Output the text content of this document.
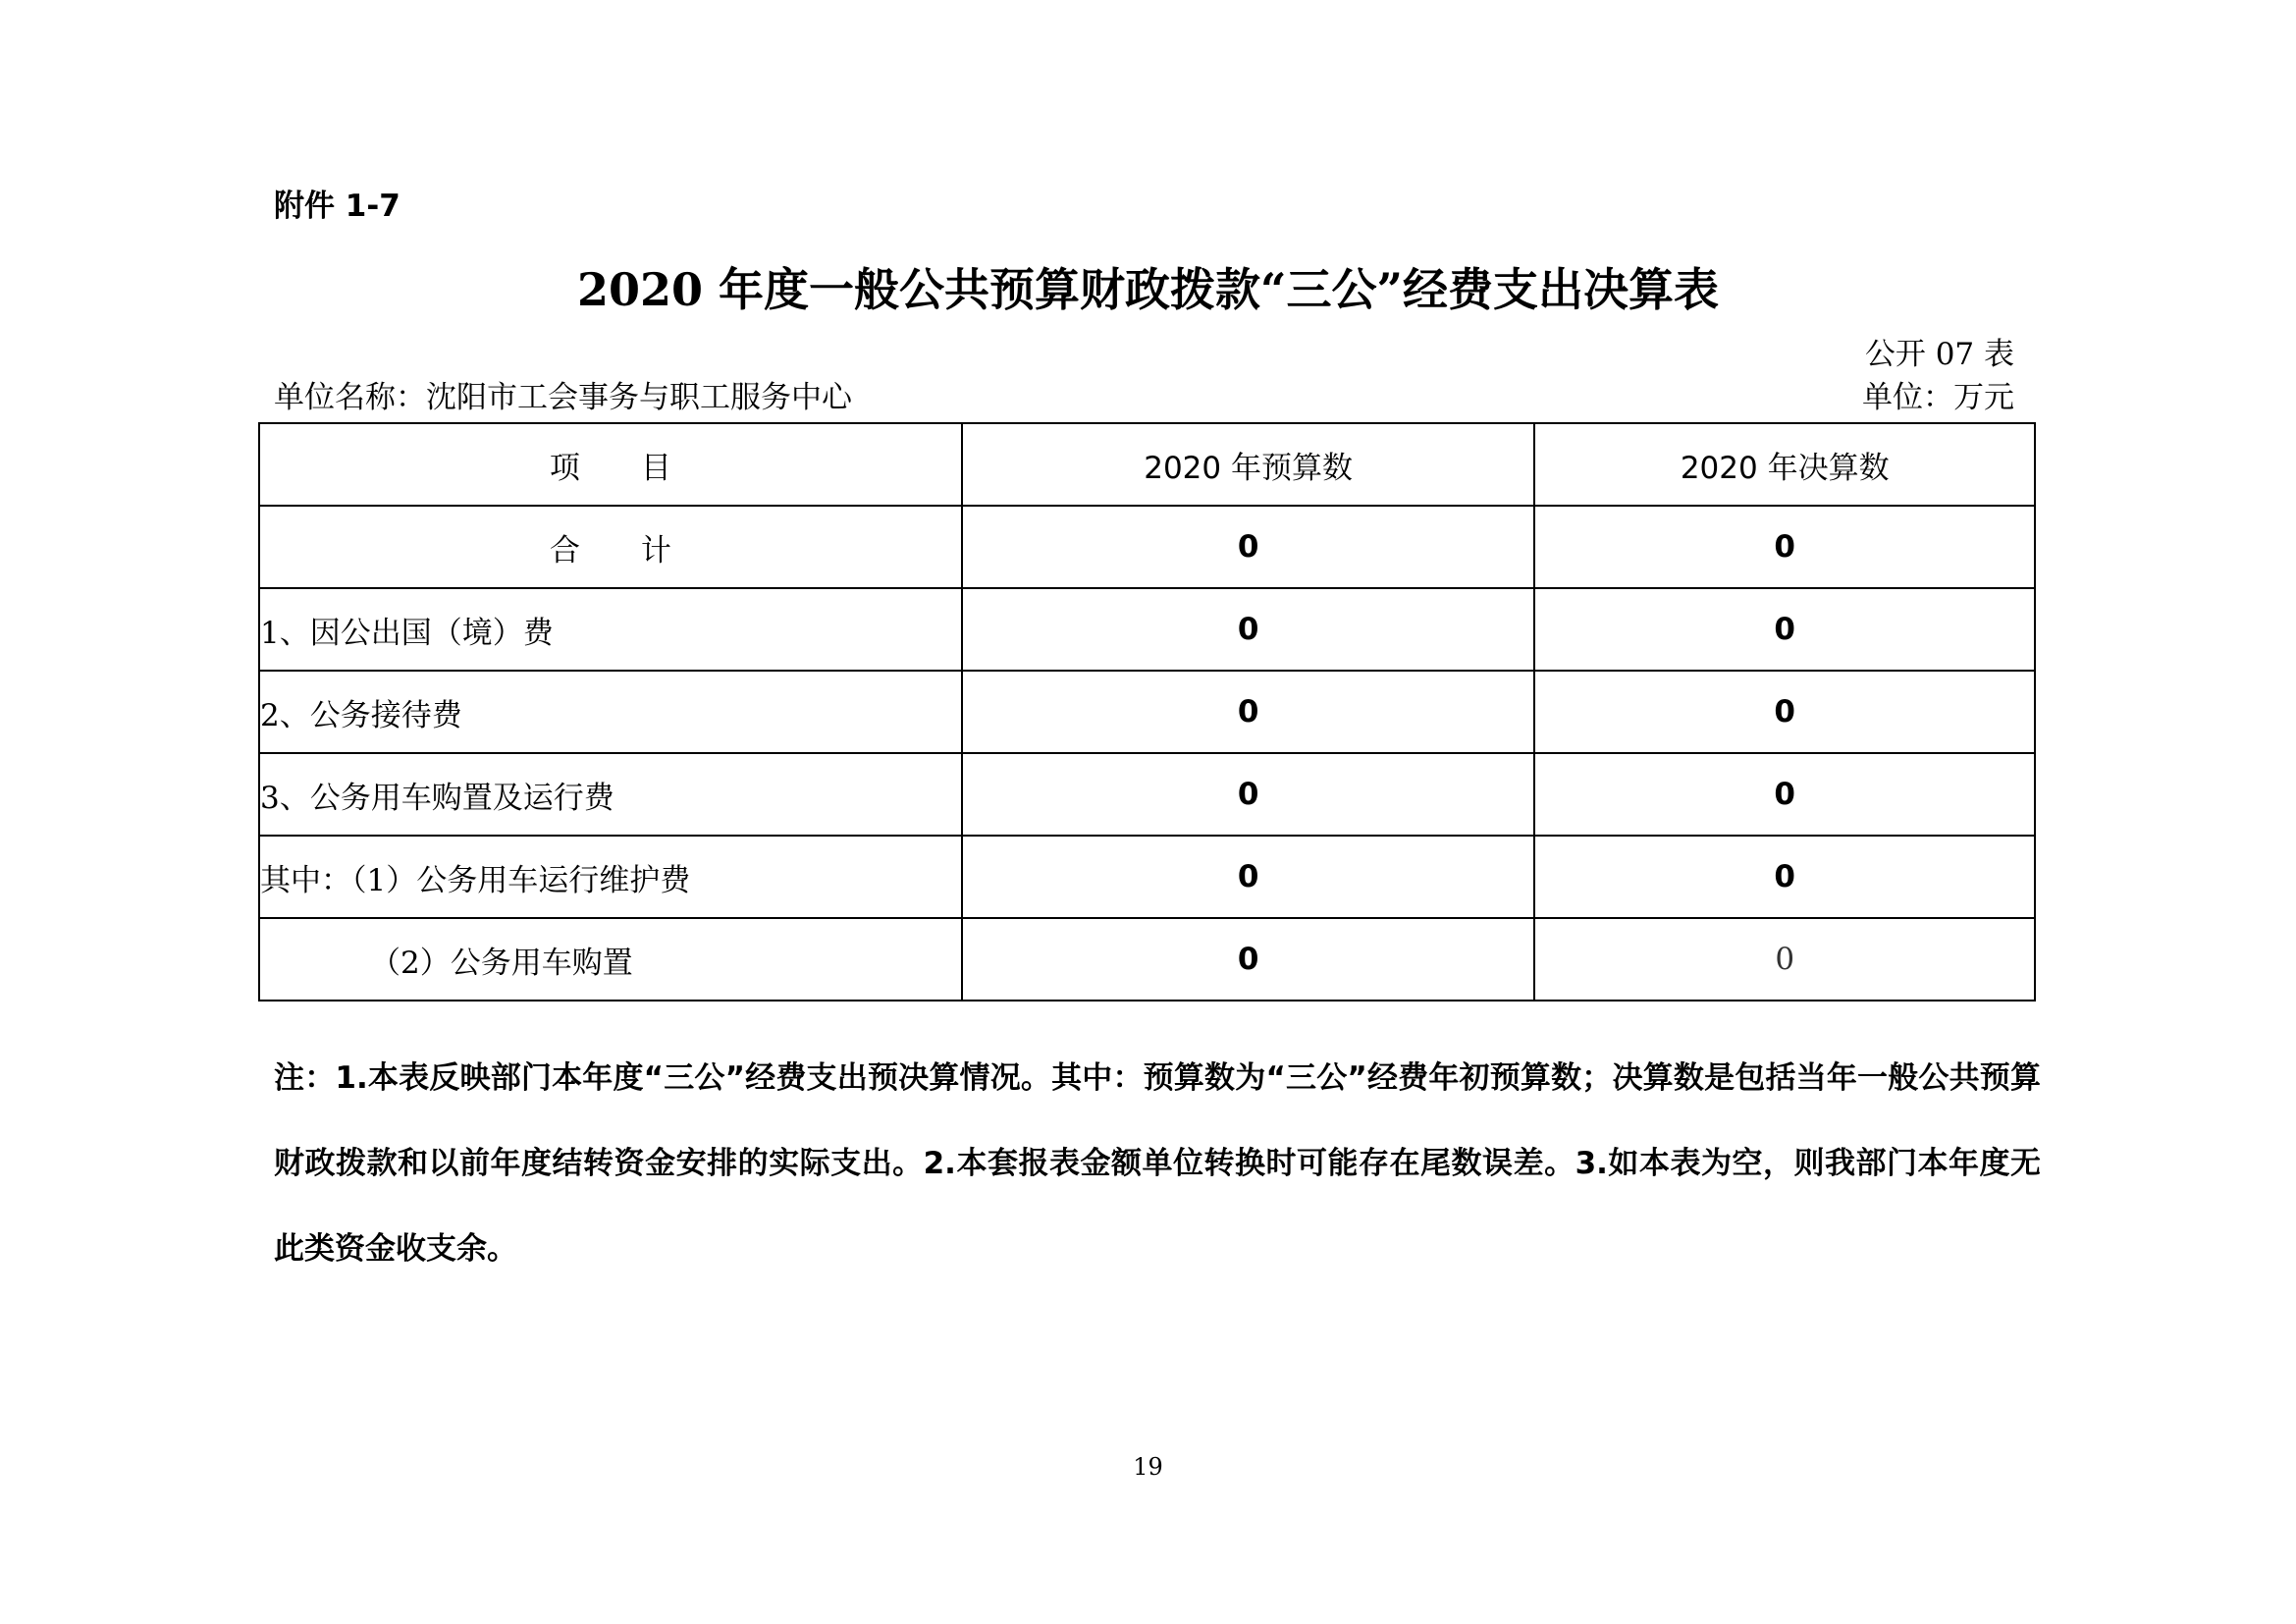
附件 1-7
2020 年度一般公共预算财政拨款“三公”经费支出决算表
公开 07 表
单位名称：沈阳市工会事务与职工服务中心	单位：万元
项　　目	2020 年预算数	2020 年决算数
合　　计	0	0
1、因公出国（境）费	0	0
2、公务接待费	0	0
3、公务用车购置及运行费	0	0
其中：（1）公务用车运行维护费	0	0
（2）公务用车购置	0	0
注：1.本表反映部门本年度“三公”经费支出预决算情况。其中：预算数为“三公”经费年初预算数；决算数是包括当年一般公共预算财政拨款和以前年度结转资金安排的实际支出。2.本套报表金额单位转换时可能存在尾数误差。3.如本表为空，则我部门本年度无此类资金收支余。
19
